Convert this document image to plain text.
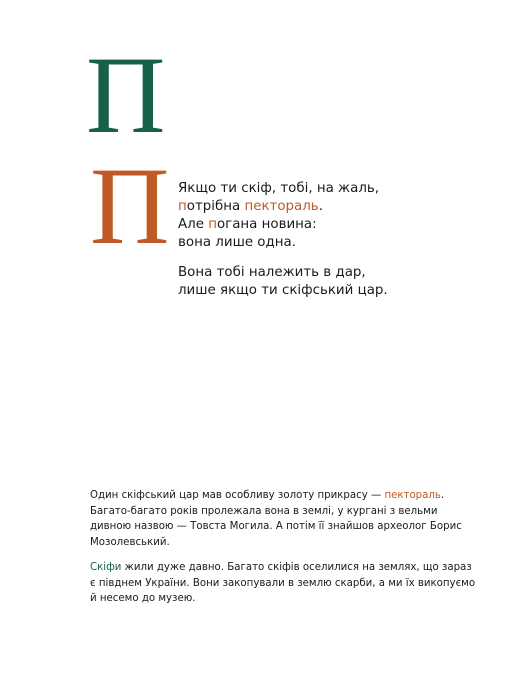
П
П Якщо ти скіф, тобі, на жаль,
потрібна пектораль.
Але погана новина:
вона лише одна.
Вона тобі належить в дар,
лише якщо ти скіфський цар.

Один скіфський цар мав особливу золоту прикрасу — пектораль.
Багато-багато років пролежала вона в землі, у кургані з вельми
дивною назвою — Товста Могила. А потім її знайшов археолог Борис
Мозолевський.

Скіфи жили дуже давно. Багато скіфів оселилися на землях, що зараз
є півднем України. Вони закопували в землю скарби, а ми їх викопуємо
й несемо до музею.
